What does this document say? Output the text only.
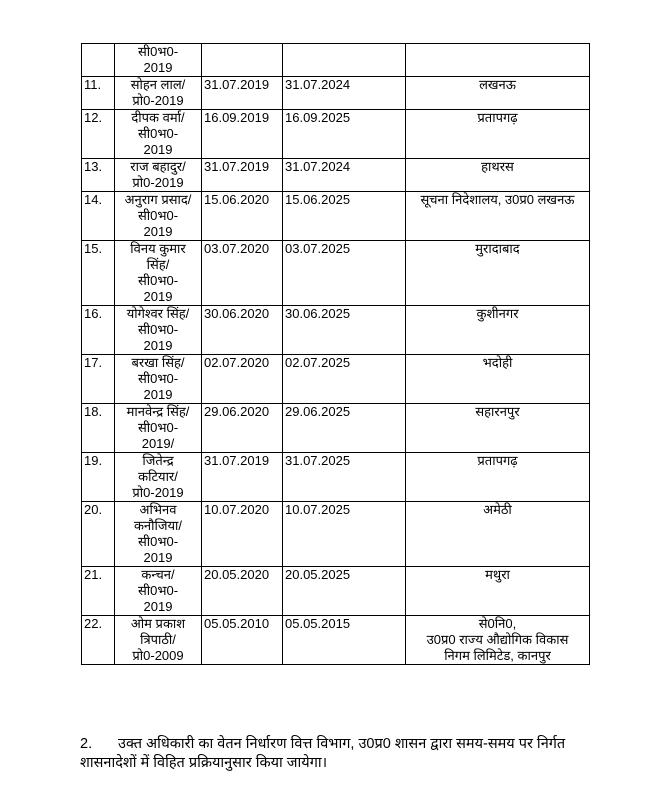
	सी0भ0-
2019			

11.	सोहन लाल/
प्रो0-2019	31.07.2019	31.07.2024	लखनऊ

12.	दीपक वर्मा/
सी0भ0-
2019	16.09.2019	16.09.2025	प्रतापगढ़

13.	राज बहादुर/
प्रो0-2019	31.07.2019	31.07.2024	हाथरस

14.	अनुराग प्रसाद/
सी0भ0-
2019	15.06.2020	15.06.2025	सूचना निदेशालय, उ0प्र0 लखनऊ

15.	विनय कुमार
सिंह/
सी0भ0-
2019	03.07.2020	03.07.2025	मुरादाबाद

16.	योगेश्वर सिंह/
सी0भ0-
2019	30.06.2020	30.06.2025	कुशीनगर

17.	बरखा सिंह/
सी0भ0-
2019	02.07.2020	02.07.2025	भदोही

18.	मानवेन्द्र सिंह/
सी0भ0-
2019/	29.06.2020	29.06.2025	सहारनपुर

19.	जितेन्द्र
कटियार/
प्रो0-2019	31.07.2019	31.07.2025	प्रतापगढ़

20.	अभिनव
कनौजिया/
सी0भ0-
2019	10.07.2020	10.07.2025	अमेठी

21.	कन्चन/
सी0भ0-
2019	20.05.2020	20.05.2025	मथुरा

22.	ओम प्रकाश
त्रिपाठी/
प्रो0-2009	05.05.2010	05.05.2015	से0नि0,
उ0प्र0 राज्य औद्योगिक विकास
निगम लिमिटेड, कानपुर
2. उक्त अधिकारी का वेतन निर्धारण वित्त विभाग, उ0प्र0 शासन द्वारा समय-समय पर निर्गत शासनादेशों में विहित प्रक्रियानुसार किया जायेगा।
